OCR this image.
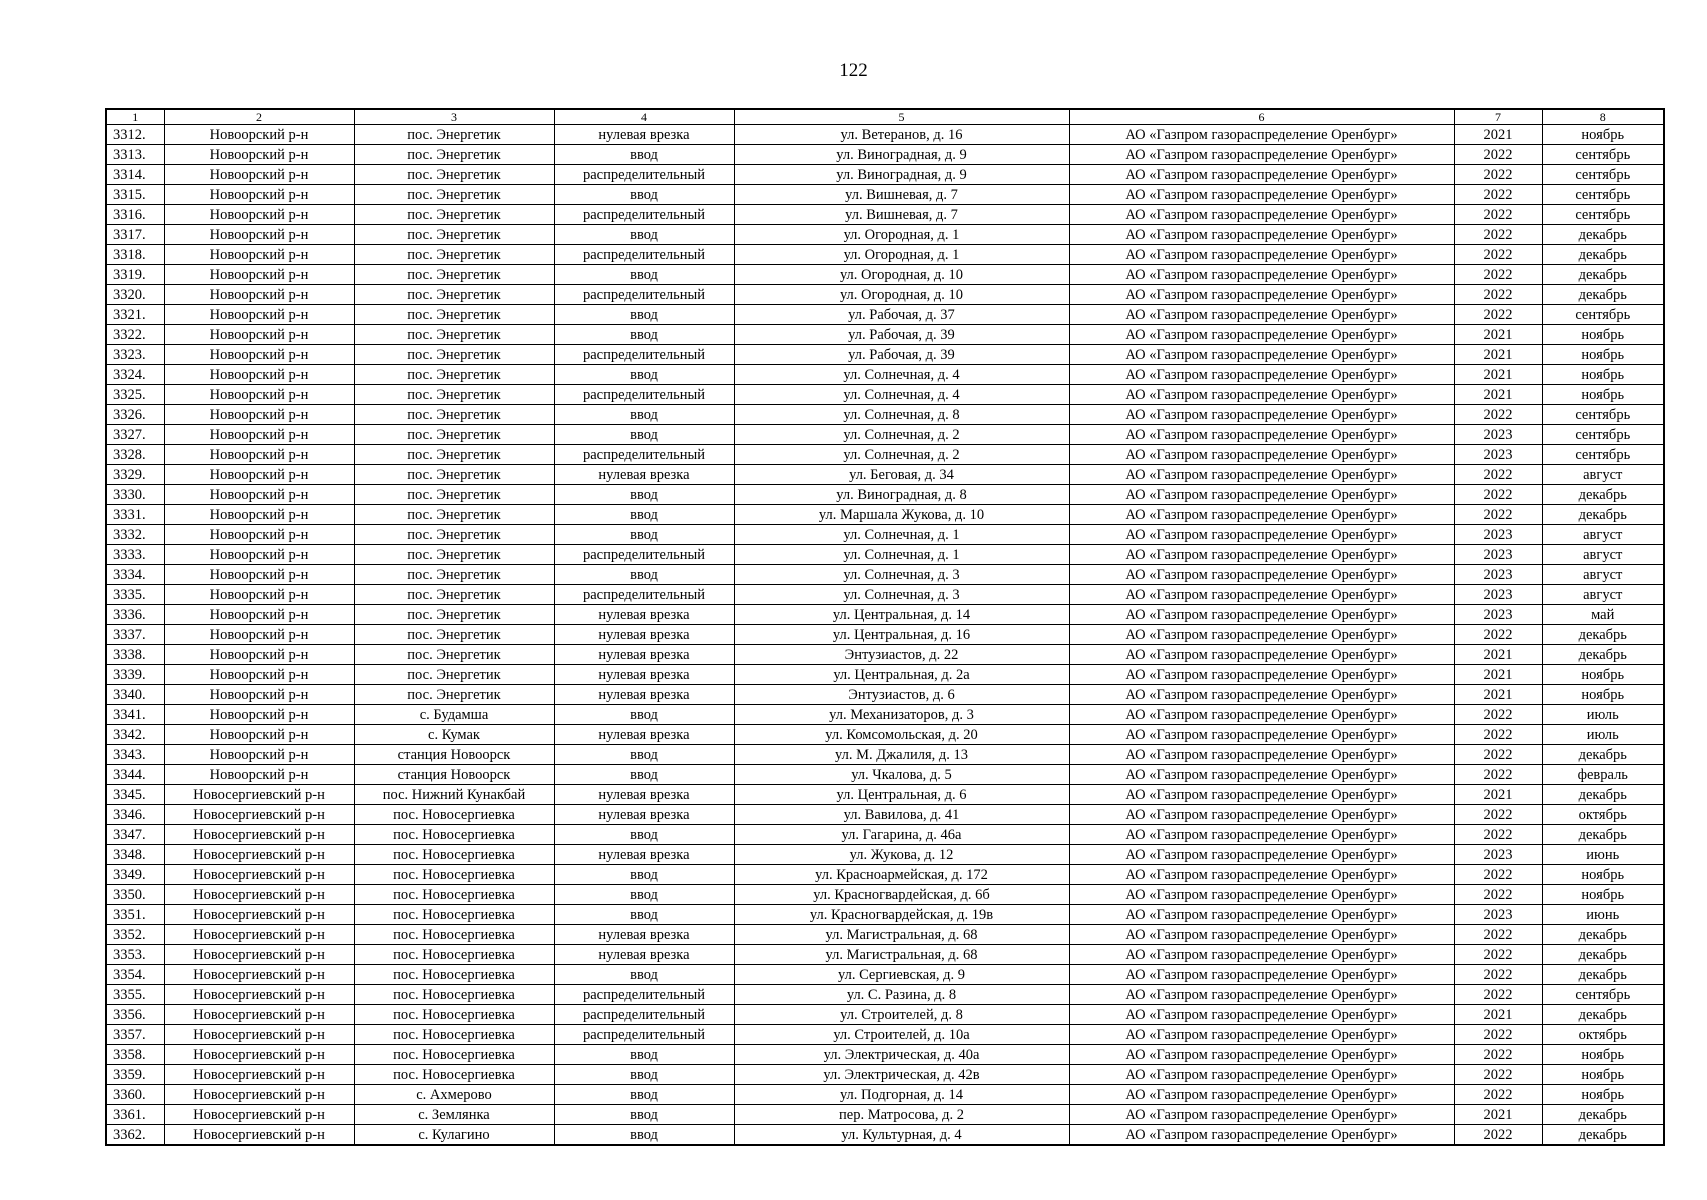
122
1	2	3	4	5	6	7	8
3312.	Новоорский р-н	пос. Энергетик	нулевая врезка	ул. Ветеранов, д. 16	АО «Газпром газораспределение Оренбург»	2021	ноябрь
3313.	Новоорский р-н	пос. Энергетик	ввод	ул. Виноградная, д. 9	АО «Газпром газораспределение Оренбург»	2022	сентябрь
3314.	Новоорский р-н	пос. Энергетик	распределительный	ул. Виноградная, д. 9	АО «Газпром газораспределение Оренбург»	2022	сентябрь
3315.	Новоорский р-н	пос. Энергетик	ввод	ул. Вишневая, д. 7	АО «Газпром газораспределение Оренбург»	2022	сентябрь
3316.	Новоорский р-н	пос. Энергетик	распределительный	ул. Вишневая, д. 7	АО «Газпром газораспределение Оренбург»	2022	сентябрь
3317.	Новоорский р-н	пос. Энергетик	ввод	ул. Огородная, д. 1	АО «Газпром газораспределение Оренбург»	2022	декабрь
3318.	Новоорский р-н	пос. Энергетик	распределительный	ул. Огородная, д. 1	АО «Газпром газораспределение Оренбург»	2022	декабрь
3319.	Новоорский р-н	пос. Энергетик	ввод	ул. Огородная, д. 10	АО «Газпром газораспределение Оренбург»	2022	декабрь
3320.	Новоорский р-н	пос. Энергетик	распределительный	ул. Огородная, д. 10	АО «Газпром газораспределение Оренбург»	2022	декабрь
3321.	Новоорский р-н	пос. Энергетик	ввод	ул. Рабочая, д. 37	АО «Газпром газораспределение Оренбург»	2022	сентябрь
3322.	Новоорский р-н	пос. Энергетик	ввод	ул. Рабочая, д. 39	АО «Газпром газораспределение Оренбург»	2021	ноябрь
3323.	Новоорский р-н	пос. Энергетик	распределительный	ул. Рабочая, д. 39	АО «Газпром газораспределение Оренбург»	2021	ноябрь
3324.	Новоорский р-н	пос. Энергетик	ввод	ул. Солнечная, д. 4	АО «Газпром газораспределение Оренбург»	2021	ноябрь
3325.	Новоорский р-н	пос. Энергетик	распределительный	ул. Солнечная, д. 4	АО «Газпром газораспределение Оренбург»	2021	ноябрь
3326.	Новоорский р-н	пос. Энергетик	ввод	ул. Солнечная, д. 8	АО «Газпром газораспределение Оренбург»	2022	сентябрь
3327.	Новоорский р-н	пос. Энергетик	ввод	ул. Солнечная, д. 2	АО «Газпром газораспределение Оренбург»	2023	сентябрь
3328.	Новоорский р-н	пос. Энергетик	распределительный	ул. Солнечная, д. 2	АО «Газпром газораспределение Оренбург»	2023	сентябрь
3329.	Новоорский р-н	пос. Энергетик	нулевая врезка	ул. Беговая, д. 34	АО «Газпром газораспределение Оренбург»	2022	август
3330.	Новоорский р-н	пос. Энергетик	ввод	ул. Виноградная, д. 8	АО «Газпром газораспределение Оренбург»	2022	декабрь
3331.	Новоорский р-н	пос. Энергетик	ввод	ул. Маршала Жукова, д. 10	АО «Газпром газораспределение Оренбург»	2022	декабрь
3332.	Новоорский р-н	пос. Энергетик	ввод	ул. Солнечная, д. 1	АО «Газпром газораспределение Оренбург»	2023	август
3333.	Новоорский р-н	пос. Энергетик	распределительный	ул. Солнечная, д. 1	АО «Газпром газораспределение Оренбург»	2023	август
3334.	Новоорский р-н	пос. Энергетик	ввод	ул. Солнечная, д. 3	АО «Газпром газораспределение Оренбург»	2023	август
3335.	Новоорский р-н	пос. Энергетик	распределительный	ул. Солнечная, д. 3	АО «Газпром газораспределение Оренбург»	2023	август
3336.	Новоорский р-н	пос. Энергетик	нулевая врезка	ул. Центральная, д. 14	АО «Газпром газораспределение Оренбург»	2023	май
3337.	Новоорский р-н	пос. Энергетик	нулевая врезка	ул. Центральная, д. 16	АО «Газпром газораспределение Оренбург»	2022	декабрь
3338.	Новоорский р-н	пос. Энергетик	нулевая врезка	Энтузиастов, д. 22	АО «Газпром газораспределение Оренбург»	2021	декабрь
3339.	Новоорский р-н	пос. Энергетик	нулевая врезка	ул. Центральная, д. 2а	АО «Газпром газораспределение Оренбург»	2021	ноябрь
3340.	Новоорский р-н	пос. Энергетик	нулевая врезка	Энтузиастов, д. 6	АО «Газпром газораспределение Оренбург»	2021	ноябрь
3341.	Новоорский р-н	с. Будамша	ввод	ул. Механизаторов, д. 3	АО «Газпром газораспределение Оренбург»	2022	июль
3342.	Новоорский р-н	с. Кумак	нулевая врезка	ул. Комсомольская, д. 20	АО «Газпром газораспределение Оренбург»	2022	июль
3343.	Новоорский р-н	станция Новоорск	ввод	ул. М. Джалиля, д. 13	АО «Газпром газораспределение Оренбург»	2022	декабрь
3344.	Новоорский р-н	станция Новоорск	ввод	ул. Чкалова, д. 5	АО «Газпром газораспределение Оренбург»	2022	февраль
3345.	Новосергиевский р-н	пос. Нижний Кунакбай	нулевая врезка	ул. Центральная, д. 6	АО «Газпром газораспределение Оренбург»	2021	декабрь
3346.	Новосергиевский р-н	пос. Новосергиевка	нулевая врезка	ул. Вавилова, д. 41	АО «Газпром газораспределение Оренбург»	2022	октябрь
3347.	Новосергиевский р-н	пос. Новосергиевка	ввод	ул. Гагарина, д. 46а	АО «Газпром газораспределение Оренбург»	2022	декабрь
3348.	Новосергиевский р-н	пос. Новосергиевка	нулевая врезка	ул. Жукова, д. 12	АО «Газпром газораспределение Оренбург»	2023	июнь
3349.	Новосергиевский р-н	пос. Новосергиевка	ввод	ул. Красноармейская, д. 172	АО «Газпром газораспределение Оренбург»	2022	ноябрь
3350.	Новосергиевский р-н	пос. Новосергиевка	ввод	ул. Красногвардейская, д. 6б	АО «Газпром газораспределение Оренбург»	2022	ноябрь
3351.	Новосергиевский р-н	пос. Новосергиевка	ввод	ул. Красногвардейская, д. 19в	АО «Газпром газораспределение Оренбург»	2023	июнь
3352.	Новосергиевский р-н	пос. Новосергиевка	нулевая врезка	ул. Магистральная, д. 68	АО «Газпром газораспределение Оренбург»	2022	декабрь
3353.	Новосергиевский р-н	пос. Новосергиевка	нулевая врезка	ул. Магистральная, д. 68	АО «Газпром газораспределение Оренбург»	2022	декабрь
3354.	Новосергиевский р-н	пос. Новосергиевка	ввод	ул. Сергиевская, д. 9	АО «Газпром газораспределение Оренбург»	2022	декабрь
3355.	Новосергиевский р-н	пос. Новосергиевка	распределительный	ул. С. Разина, д. 8	АО «Газпром газораспределение Оренбург»	2022	сентябрь
3356.	Новосергиевский р-н	пос. Новосергиевка	распределительный	ул. Строителей, д. 8	АО «Газпром газораспределение Оренбург»	2021	декабрь
3357.	Новосергиевский р-н	пос. Новосергиевка	распределительный	ул. Строителей, д. 10а	АО «Газпром газораспределение Оренбург»	2022	октябрь
3358.	Новосергиевский р-н	пос. Новосергиевка	ввод	ул. Электрическая, д. 40а	АО «Газпром газораспределение Оренбург»	2022	ноябрь
3359.	Новосергиевский р-н	пос. Новосергиевка	ввод	ул. Электрическая, д. 42в	АО «Газпром газораспределение Оренбург»	2022	ноябрь
3360.	Новосергиевский р-н	с. Ахмерово	ввод	ул. Подгорная, д. 14	АО «Газпром газораспределение Оренбург»	2022	ноябрь
3361.	Новосергиевский р-н	с. Землянка	ввод	пер. Матросова, д. 2	АО «Газпром газораспределение Оренбург»	2021	декабрь
3362.	Новосергиевский р-н	с. Кулагино	ввод	ул. Культурная, д. 4	АО «Газпром газораспределение Оренбург»	2022	декабрь
